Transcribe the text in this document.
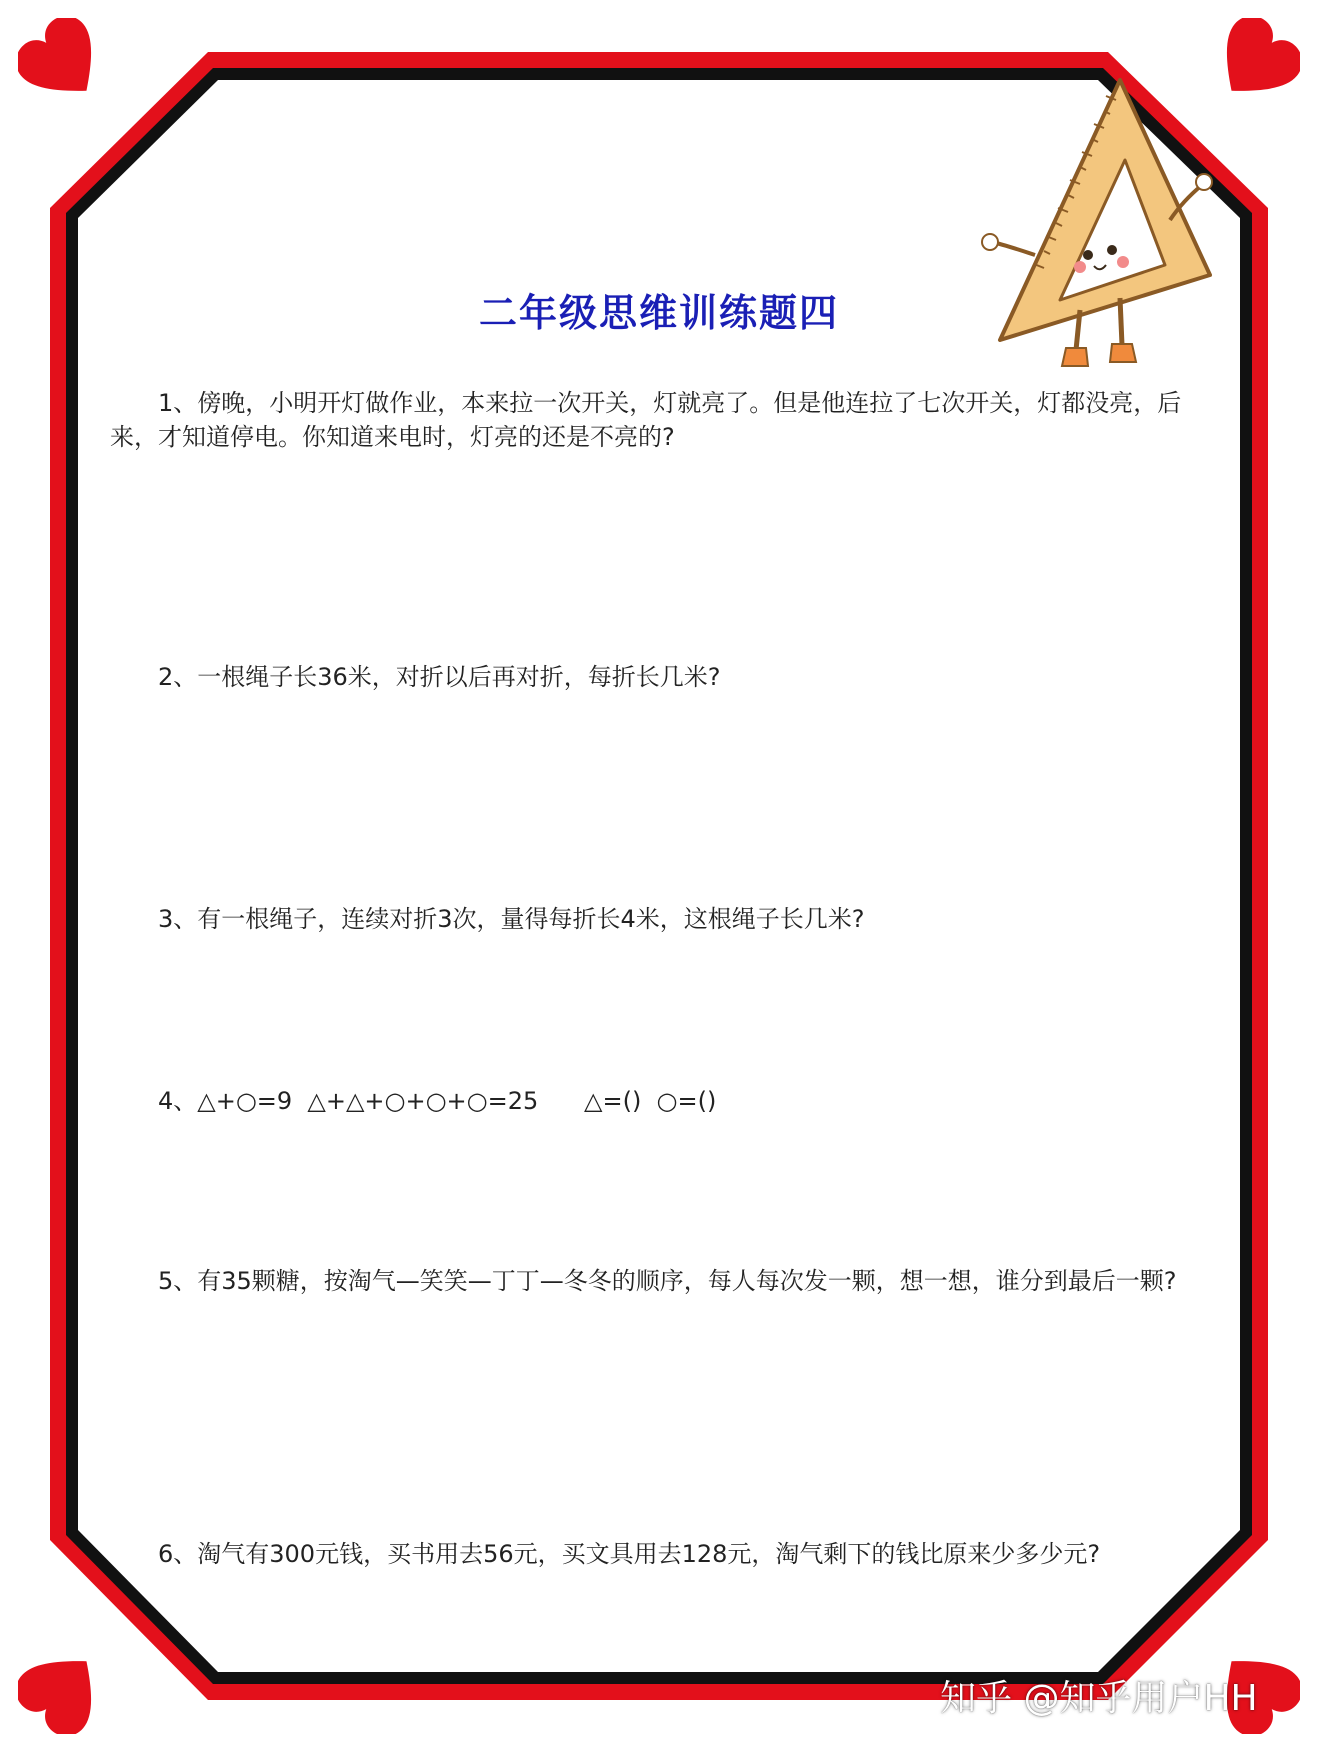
二年级思维训练题四
1、傍晚，小明开灯做作业，本来拉一次开关，灯就亮了。但是他连拉了七次开关，灯都没亮，后来，才知道停电。你知道来电时，灯亮的还是不亮的?
2、一根绳子长36米，对折以后再对折，每折长几米?
3、有一根绳子，连续对折3次，量得每折长4米，这根绳子长几米?
4、△+○=9  △+△+○+○+○=25      △=()  ○=()
5、有35颗糖，按淘气—笑笑—丁丁—冬冬的顺序，每人每次发一颗，想一想，谁分到最后一颗?
6、淘气有300元钱，买书用去56元，买文具用去128元，淘气剩下的钱比原来少多少元?
知乎 @知乎用户HH
